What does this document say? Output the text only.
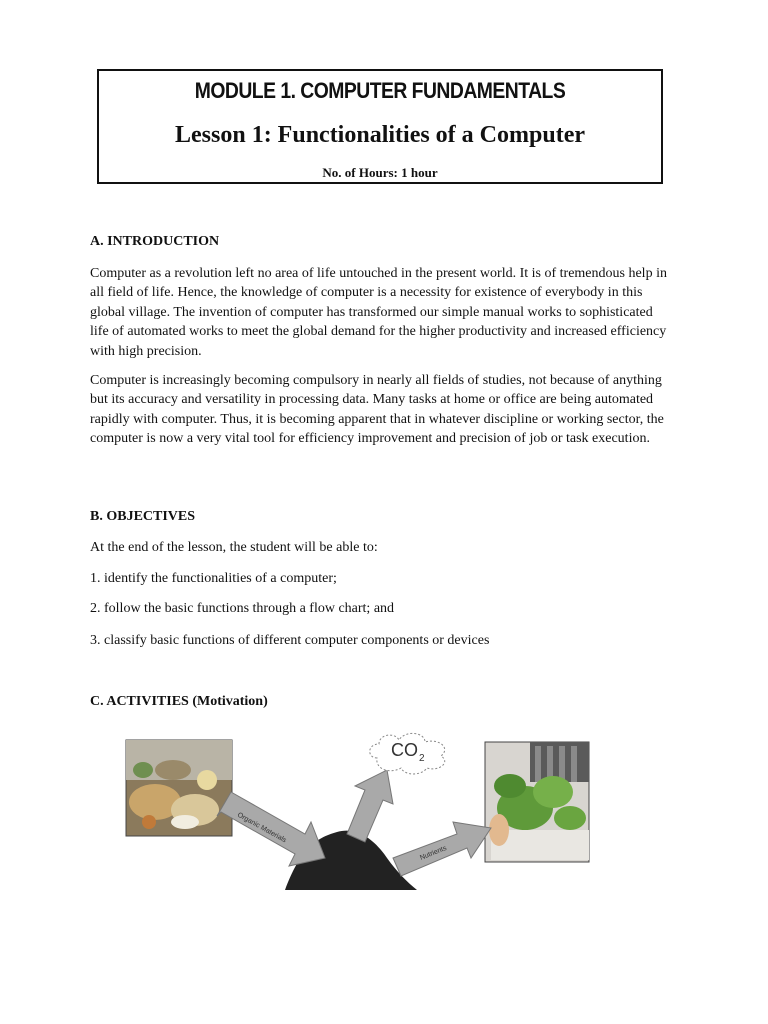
MODULE 1. COMPUTER FUNDAMENTALS
Lesson 1: Functionalities of a Computer
No. of Hours: 1 hour
A. INTRODUCTION

Computer as a revolution left no area of life untouched in the present world. It is of tremendous help in all field of life. Hence, the knowledge of computer is a necessity for existence of everybody in this global village. The invention of computer has transformed our simple manual works to sophisticated life of automated works to meet the global demand for the higher productivity and increased efficiency with high precision.

Computer is increasingly becoming compulsory in nearly all fields of studies, not because of anything but its accuracy and versatility in processing data. Many tasks at home or office are being automated rapidly with computer. Thus, it is becoming apparent that in whatever discipline or working sector, the computer is now a very vital tool for efficiency improvement and precision of job or task execution.

B. OBJECTIVES
At the end of the lesson, the student will be able to:
1. identify the functionalities of a computer;
2. follow the basic functions through a flow chart; and
3. classify basic functions of different computer components or devices
C. ACTIVITIES (Motivation)
Organic Materials
CO 2
Nutrients
